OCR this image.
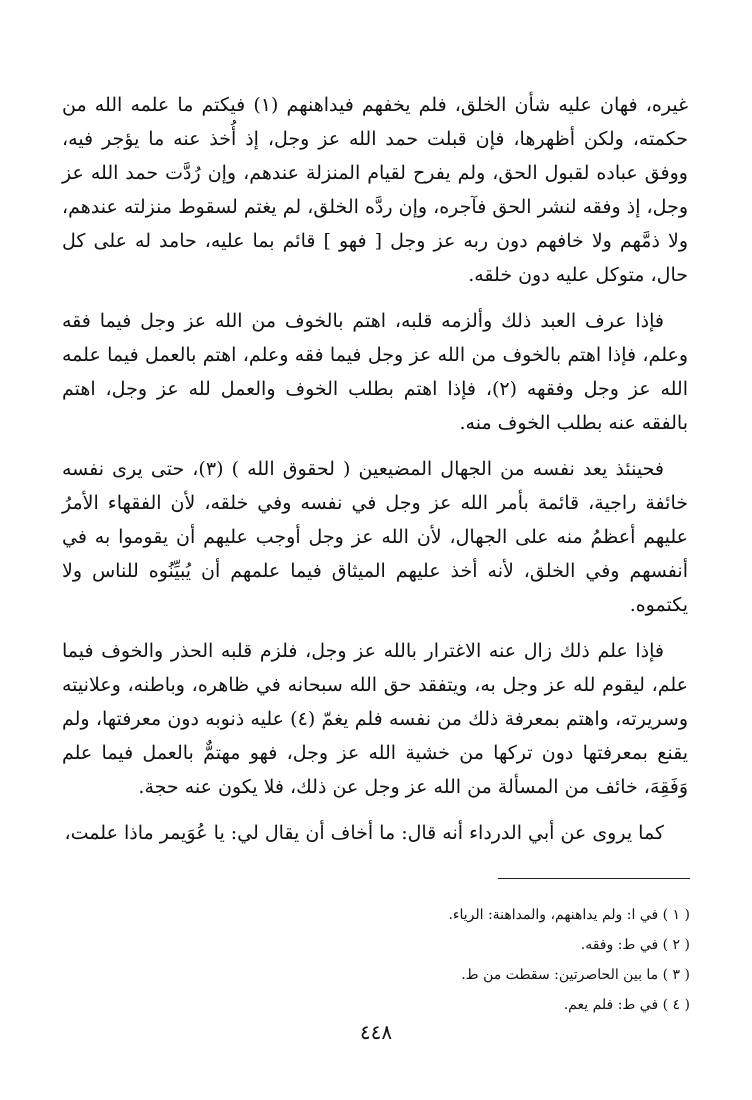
غيره، فهان عليه شأن الخلق، فلم يخفهم فيداهنهم (١) فيكتم ما علمه الله من حكمته، ولكن أظهرها، فإن قبلت حمد الله عز وجل، إذ أُخذ عنه ما يؤجر فيه، ووفق عباده لقبول الحق، ولم يفرح لقيام المنزلة عندهم، وإن رُدَّت حمد الله عز وجل، إذ وفقه لنشر الحق فآجره، وإن ردَّه الخلق، لم يغتم لسقوط منزلته عندهم، ولا ذمَّهم ولا خافهم دون ربه عز وجل [ فهو ] قائم بما عليه، حامد له على كل حال، متوكل عليه دون خلقه.

فإذا عرف العبد ذلك وألزمه قلبه، اهتم بالخوف من الله عز وجل فيما فقه وعلم، فإذا اهتم بالخوف من الله عز وجل فيما فقه وعلم، اهتم بالعمل فيما علمه الله عز وجل وفقهه (٢)، فإذا اهتم بطلب الخوف والعمل لله عز وجل، اهتم بالفقه عنه بطلب الخوف منه.

فحينئذ يعد نفسه من الجهال المضيعين ( لحقوق الله ) (٣)، حتى يرى نفسه خائفة راجية، قائمة بأمر الله عز وجل في نفسه وفي خلقه، لأن الفقهاء الأمرُ عليهم أعظمُ منه على الجهال، لأن الله عز وجل أوجب عليهم أن يقوموا به في أنفسهم وفي الخلق، لأنه أخذ عليهم الميثاق فيما علمهم أن يُبيِّنُوه للناس ولا يكتموه.

فإذا علم ذلك زال عنه الاغترار بالله عز وجل، فلزم قلبه الحذر والخوف فيما علم، ليقوم لله عز وجل به، ويتفقد حق الله سبحانه في ظاهره، وباطنه، وعلانيته وسريرته، واهتم بمعرفة ذلك من نفسه فلم يغمّ (٤) عليه ذنوبه دون معرفتها، ولم يقنع بمعرفتها دون تركها من خشية الله عز وجل، فهو مهتمٌّ بالعمل فيما علم وَفَقِهَ، خائف من المسألة من الله عز وجل عن ذلك، فلا يكون عنه حجة.

كما يروى عن أبي الدرداء أنه قال: ما أخاف أن يقال لي: يا عُوَيمر ماذا علمت،

( ١ ) في ا: ولم يداهنهم، والمداهنة: الرياء.
( ٢ ) في ط: وفقه.
( ٣ ) ما بين الحاصرتين: سقطت من ط.
( ٤ ) في ط: فلم يعم.
٤٤٨
